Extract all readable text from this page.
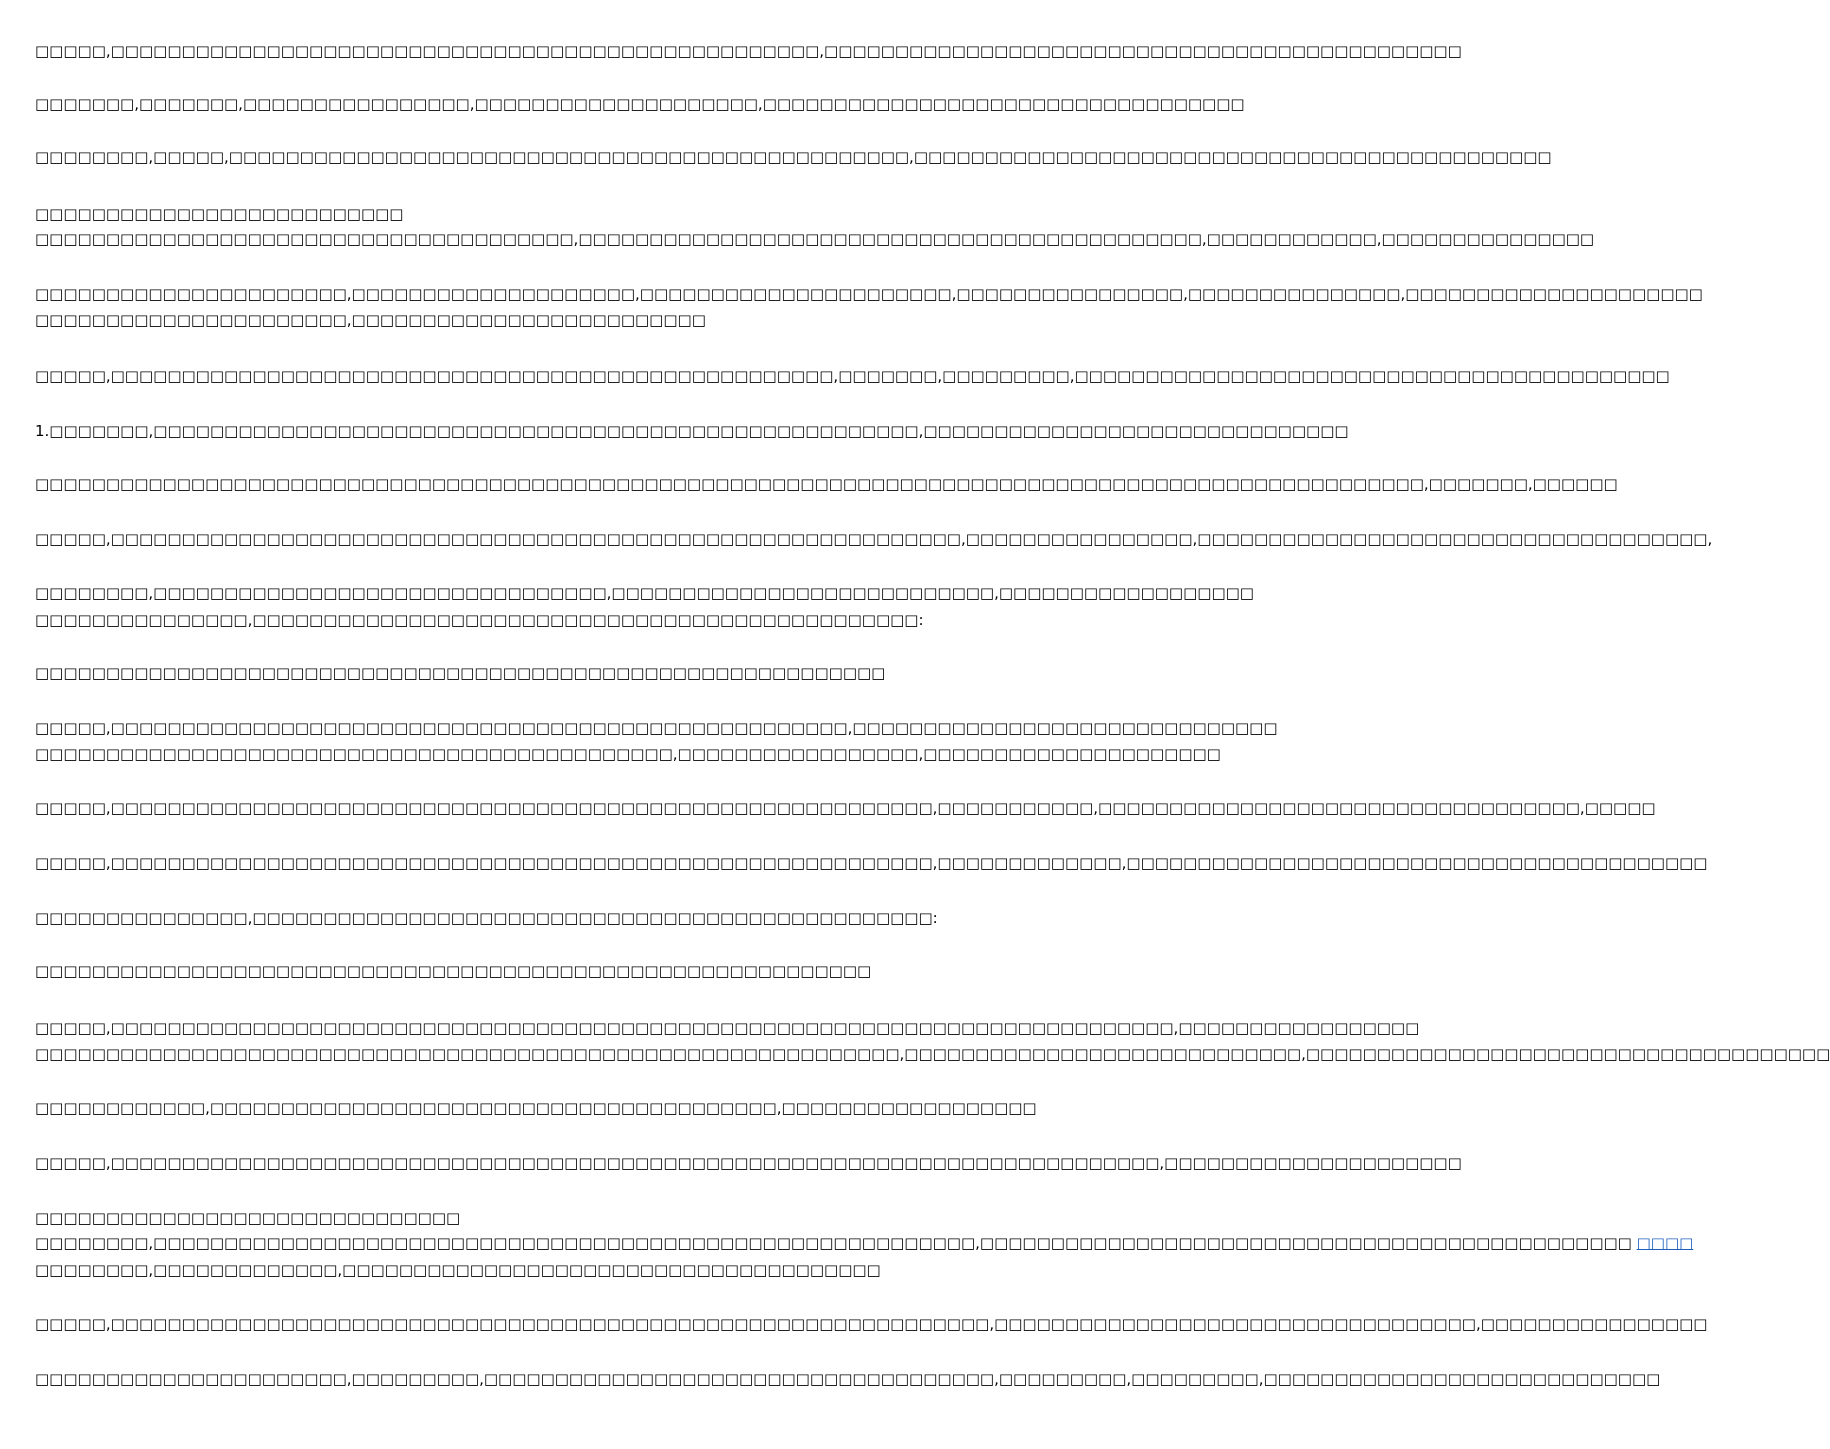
□□□□□,□□□□□□□□□□□□□□□□□□□□□□□□□□□□□□□□□□□□□□□□□□□□□□□□□□,□□□□□□□□□□□□□□□□□□□□□□□□□□□□□□□□□□□□□□□□□□□□□
□□□□□□□,□□□□□□□,□□□□□□□□□□□□□□□□,□□□□□□□□□□□□□□□□□□□□,□□□□□□□□□□□□□□□□□□□□□□□□□□□□□□□□□□
□□□□□□□□,□□□□□,□□□□□□□□□□□□□□□□□□□□□□□□□□□□□□□□□□□□□□□□□□□□□□□□,□□□□□□□□□□□□□□□□□□□□□□□□□□□□□□□□□□□□□□□□□□□□□
□□□□□□□□□□□□□□□□□□□□□□□□□□
□□□□□□□□□□□□□□□□□□□□□□□□□□□□□□□□□□□□□□,□□□□□□□□□□□□□□□□□□□□□□□□□□□□□□□□□□□□□□□□□□□□,□□□□□□□□□□□□,□□□□□□□□□□□□□□□
□□□□□□□□□□□□□□□□□□□□□□,□□□□□□□□□□□□□□□□□□□□,□□□□□□□□□□□□□□□□□□□□□□,□□□□□□□□□□□□□□□□,□□□□□□□□□□□□□□□,□□□□□□□□□□□□□□□□□□□□□
□□□□□□□□□□□□□□□□□□□□□□,□□□□□□□□□□□□□□□□□□□□□□□□□
□□□□□,□□□□□□□□□□□□□□□□□□□□□□□□□□□□□□□□□□□□□□□□□□□□□□□□□□□,□□□□□□□,□□□□□□□□□,□□□□□□□□□□□□□□□□□□□□□□□□□□□□□□□□□□□□□□□□□□
1.□□□□□□□,□□□□□□□□□□□□□□□□□□□□□□□□□□□□□□□□□□□□□□□□□□□□□□□□□□□□□□,□□□□□□□□□□□□□□□□□□□□□□□□□□□□□□
□□□□□□□□□□□□□□□□□□□□□□□□□□□□□□□□□□□□□□□□□□□□□□□□□□□□□□□□□□□□□□□□□□□□□□□□□□□□□□□□□□□□□□□□□□□□□□□□□□,□□□□□□□,□□□□□□
□□□□□,□□□□□□□□□□□□□□□□□□□□□□□□□□□□□□□□□□□□□□□□□□□□□□□□□□□□□□□□□□□□,□□□□□□□□□□□□□□□□,□□□□□□□□□□□□□□□□□□□□□□□□□□□□□□□□□□□□,
□□□□□□□□,□□□□□□□□□□□□□□□□□□□□□□□□□□□□□□□□,□□□□□□□□□□□□□□□□□□□□□□□□□□□,□□□□□□□□□□□□□□□□□□
□□□□□□□□□□□□□□□,□□□□□□□□□□□□□□□□□□□□□□□□□□□□□□□□□□□□□□□□□□□□□□□:
□□□□□□□□□□□□□□□□□□□□□□□□□□□□□□□□□□□□□□□□□□□□□□□□□□□□□□□□□□□□
□□□□□,□□□□□□□□□□□□□□□□□□□□□□□□□□□□□□□□□□□□□□□□□□□□□□□□□□□□,□□□□□□□□□□□□□□□□□□□□□□□□□□□□□□
□□□□□□□□□□□□□□□□□□□□□□□□□□□□□□□□□□□□□□□□□□□□□,□□□□□□□□□□□□□□□□□,□□□□□□□□□□□□□□□□□□□□□
□□□□□,□□□□□□□□□□□□□□□□□□□□□□□□□□□□□□□□□□□□□□□□□□□□□□□□□□□□□□□□□□,□□□□□□□□□□□,□□□□□□□□□□□□□□□□□□□□□□□□□□□□□□□□□□,□□□□□
□□□□□,□□□□□□□□□□□□□□□□□□□□□□□□□□□□□□□□□□□□□□□□□□□□□□□□□□□□□□□□□□,□□□□□□□□□□□□□,□□□□□□□□□□□□□□□□□□□□□□□□□□□□□□□□□□□□□□□□□
□□□□□□□□□□□□□□□,□□□□□□□□□□□□□□□□□□□□□□□□□□□□□□□□□□□□□□□□□□□□□□□□:
□□□□□□□□□□□□□□□□□□□□□□□□□□□□□□□□□□□□□□□□□□□□□□□□□□□□□□□□□□□
□□□□□,□□□□□□□□□□□□□□□□□□□□□□□□□□□□□□□□□□□□□□□□□□□□□□□□□□□□□□□□□□□□□□□□□□□□□□□□□□□,□□□□□□□□□□□□□□□□□
□□□□□□□□□□□□□□□□□□□□□□□□□□□□□□□□□□□□□□□□□□□□□□□□□□□□□□□□□□□□□,□□□□□□□□□□□□□□□□□□□□□□□□□□□□,□□□□□□□□□□□□□□□□□□□□□□□□□□□□□□□□□□□□□
□□□□□□□□□□□□,□□□□□□□□□□□□□□□□□□□□□□□□□□□□□□□□□□□□□□□□,□□□□□□□□□□□□□□□□□□
□□□□□,□□□□□□□□□□□□□□□□□□□□□□□□□□□□□□□□□□□□□□□□□□□□□□□□□□□□□□□□□□□□□□□□□□□□□□□□□□,□□□□□□□□□□□□□□□□□□□□□
□□□□□□□□□□□□□□□□□□□□□□□□□□□□□□
□□□□□□□□,□□□□□□□□□□□□□□□□□□□□□□□□□□□□□□□□□□□□□□□□□□□□□□□□□□□□□□□□□□,□□□□□□□□□□□□□□□□□□□□□□□□□□□□□□□□□□□□□□□□□□□□□□ □□□□
□□□□□□□□,□□□□□□□□□□□□□,□□□□□□□□□□□□□□□□□□□□□□□□□□□□□□□□□□□□□□
□□□□□,□□□□□□□□□□□□□□□□□□□□□□□□□□□□□□□□□□□□□□□□□□□□□□□□□□□□□□□□□□□□□□,□□□□□□□□□□□□□□□□□□□□□□□□□□□□□□□□□□,□□□□□□□□□□□□□□□□
□□□□□□□□□□□□□□□□□□□□□□,□□□□□□□□□,□□□□□□□□□□□□□□□□□□□□□□□□□□□□□□□□□□□□,□□□□□□□□□,□□□□□□□□□,□□□□□□□□□□□□□□□□□□□□□□□□□□□□
